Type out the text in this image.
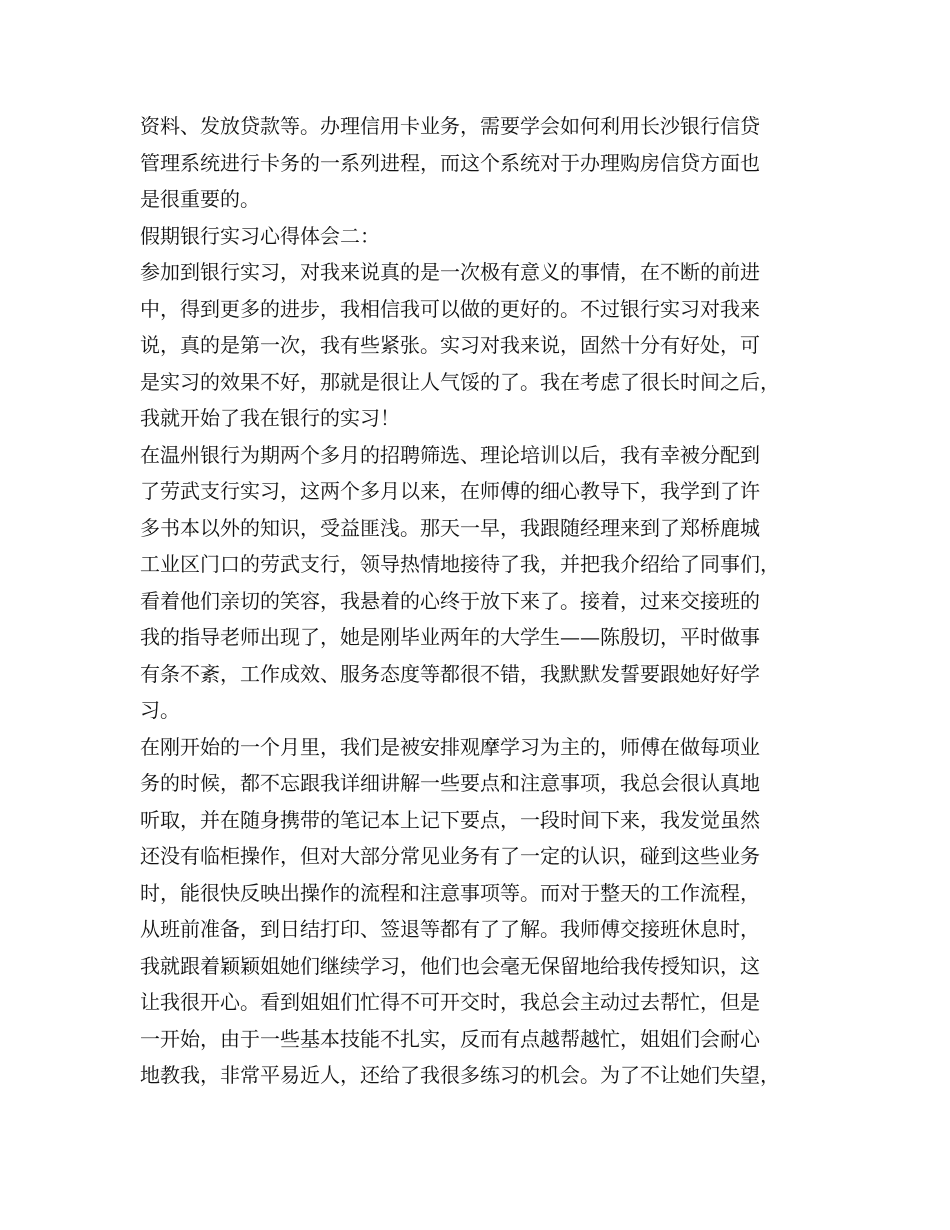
资料、发放贷款等。办理信用卡业务，需要学会如何利用长沙银行信贷
管理系统进行卡务的一系列进程，而这个系统对于办理购房信贷方面也
是很重要的。
假期银行实习心得体会二：
参加到银行实习，对我来说真的是一次极有意义的事情，在不断的前进
中，得到更多的进步，我相信我可以做的更好的。不过银行实习对我来
说，真的是第一次，我有些紧张。实习对我来说，固然十分有好处，可
是实习的效果不好，那就是很让人气馁的了。我在考虑了很长时间之后，
我就开始了我在银行的实习！
在温州银行为期两个多月的招聘筛选、理论培训以后，我有幸被分配到
了劳武支行实习，这两个多月以来，在师傅的细心教导下，我学到了许
多书本以外的知识，受益匪浅。那天一早，我跟随经理来到了郑桥鹿城
工业区门口的劳武支行，领导热情地接待了我，并把我介绍给了同事们，
看着他们亲切的笑容，我悬着的心终于放下来了。接着，过来交接班的
我的指导老师出现了，她是刚毕业两年的大学生——陈殷切，平时做事
有条不紊，工作成效、服务态度等都很不错，我默默发誓要跟她好好学
习。
在刚开始的一个月里，我们是被安排观摩学习为主的，师傅在做每项业
务的时候，都不忘跟我详细讲解一些要点和注意事项，我总会很认真地
听取，并在随身携带的笔记本上记下要点，一段时间下来，我发觉虽然
还没有临柜操作，但对大部分常见业务有了一定的认识，碰到这些业务
时，能很快反映出操作的流程和注意事项等。而对于整天的工作流程，
从班前准备，到日结打印、签退等都有了了解。我师傅交接班休息时，
我就跟着颖颖姐她们继续学习，他们也会毫无保留地给我传授知识，这
让我很开心。看到姐姐们忙得不可开交时，我总会主动过去帮忙，但是
一开始，由于一些基本技能不扎实，反而有点越帮越忙，姐姐们会耐心
地教我，非常平易近人，还给了我很多练习的机会。为了不让她们失望，
